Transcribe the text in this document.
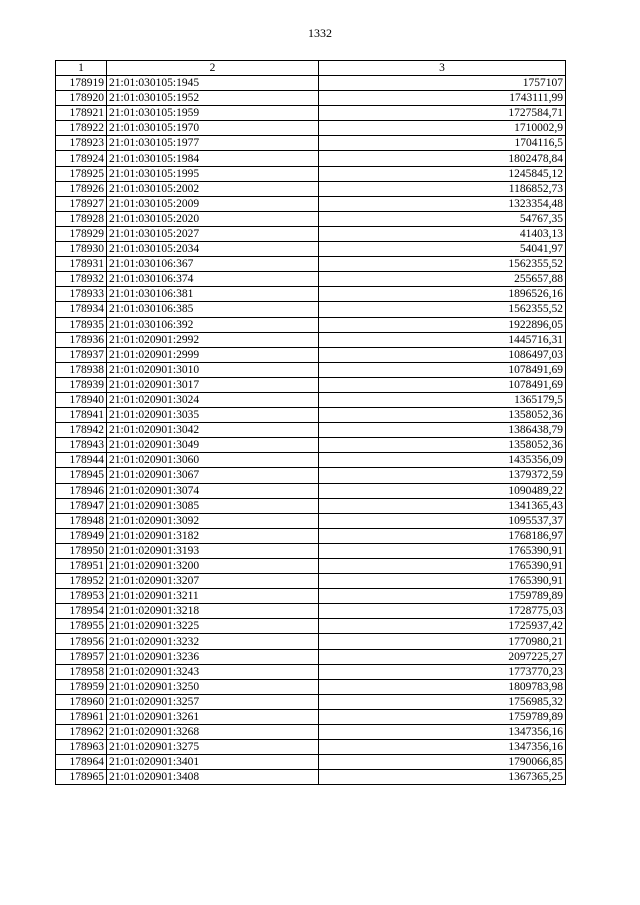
1332
1	2	3
178919	21:01:030105:1945	1757107
178920	21:01:030105:1952	1743111,99
178921	21:01:030105:1959	1727584,71
178922	21:01:030105:1970	1710002,9
178923	21:01:030105:1977	1704116,5
178924	21:01:030105:1984	1802478,84
178925	21:01:030105:1995	1245845,12
178926	21:01:030105:2002	1186852,73
178927	21:01:030105:2009	1323354,48
178928	21:01:030105:2020	54767,35
178929	21:01:030105:2027	41403,13
178930	21:01:030105:2034	54041,97
178931	21:01:030106:367	1562355,52
178932	21:01:030106:374	255657,88
178933	21:01:030106:381	1896526,16
178934	21:01:030106:385	1562355,52
178935	21:01:030106:392	1922896,05
178936	21:01:020901:2992	1445716,31
178937	21:01:020901:2999	1086497,03
178938	21:01:020901:3010	1078491,69
178939	21:01:020901:3017	1078491,69
178940	21:01:020901:3024	1365179,5
178941	21:01:020901:3035	1358052,36
178942	21:01:020901:3042	1386438,79
178943	21:01:020901:3049	1358052,36
178944	21:01:020901:3060	1435356,09
178945	21:01:020901:3067	1379372,59
178946	21:01:020901:3074	1090489,22
178947	21:01:020901:3085	1341365,43
178948	21:01:020901:3092	1095537,37
178949	21:01:020901:3182	1768186,97
178950	21:01:020901:3193	1765390,91
178951	21:01:020901:3200	1765390,91
178952	21:01:020901:3207	1765390,91
178953	21:01:020901:3211	1759789,89
178954	21:01:020901:3218	1728775,03
178955	21:01:020901:3225	1725937,42
178956	21:01:020901:3232	1770980,21
178957	21:01:020901:3236	2097225,27
178958	21:01:020901:3243	1773770,23
178959	21:01:020901:3250	1809783,98
178960	21:01:020901:3257	1756985,32
178961	21:01:020901:3261	1759789,89
178962	21:01:020901:3268	1347356,16
178963	21:01:020901:3275	1347356,16
178964	21:01:020901:3401	1790066,85
178965	21:01:020901:3408	1367365,25
